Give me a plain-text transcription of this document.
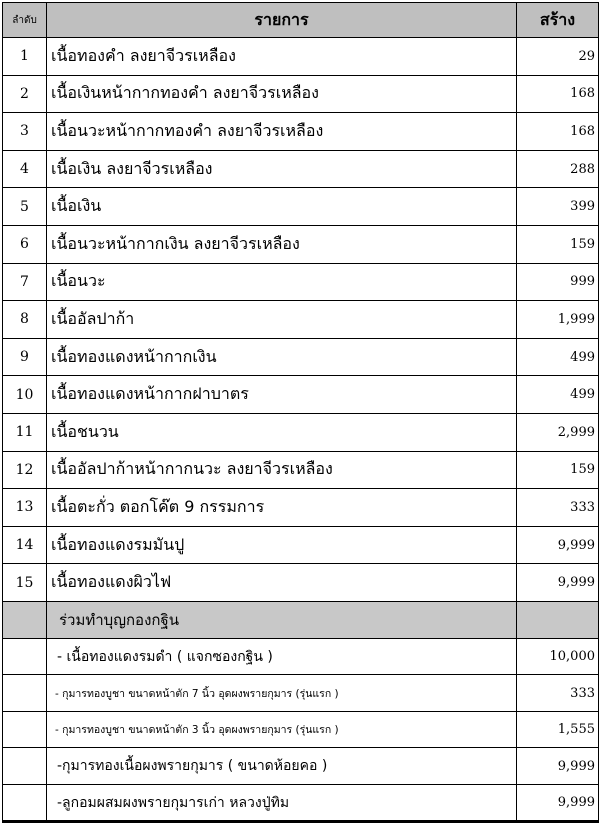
ลำดับ	รายการ	สร้าง
1	เนื้อทองคำ ลงยาจีวรเหลือง	29
2	เนื้อเงินหน้ากากทองคำ ลงยาจีวรเหลือง	168
3	เนื้อนวะหน้ากากทองคำ ลงยาจีวรเหลือง	168
4	เนื้อเงิน ลงยาจีวรเหลือง	288
5	เนื้อเงิน	399
6	เนื้อนวะหน้ากากเงิน ลงยาจีวรเหลือง	159
7	เนื้อนวะ	999
8	เนื้ออัลปาก้า	1,999
9	เนื้อทองแดงหน้ากากเงิน	499
10	เนื้อทองแดงหน้ากากฝาบาตร	499
11	เนื้อชนวน	2,999
12	เนื้ออัลปาก้าหน้ากากนวะ ลงยาจีวรเหลือง	159
13	เนื้อตะกั่ว ตอกโค๊ต 9 กรรมการ	333
14	เนื้อทองแดงรมมันปู	9,999
15	เนื้อทองแดงผิวไฟ	9,999
	ร่วมทำบุญกองกฐิน	
	- เนื้อทองแดงรมดำ ( แจกซองกฐิน )	10,000
	- กุมารทองบูชา ขนาดหน้าตัก 7 นิ้ว อุดผงพรายกุมาร (รุ่นแรก )	333
	- กุมารทองบูชา ขนาดหน้าตัก 3 นิ้ว อุดผงพรายกุมาร (รุ่นแรก )	1,555
	-กุมารทองเนื้อผงพรายกุมาร ( ขนาดห้อยคอ )	9,999
	-ลูกอมผสมผงพรายกุมารเก่า หลวงปู่ทิม	9,999
